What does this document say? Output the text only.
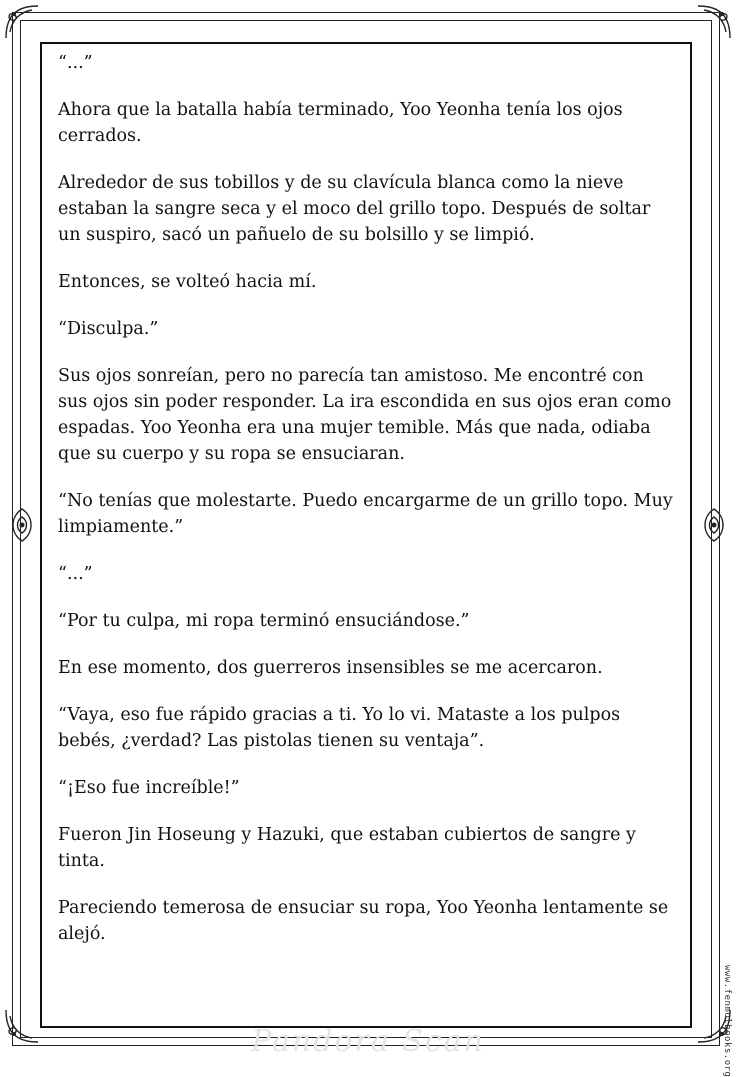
“...”

Ahora que la batalla había terminado, Yoo Yeonha tenía los ojos cerrados.

Alrededor de sus tobillos y de su clavícula blanca como la nieve estaban la sangre seca y el moco del grillo topo. Después de soltar un suspiro, sacó un pañuelo de su bolsillo y se limpió.

Entonces, se volteó hacia mí.

“Disculpa.”

Sus ojos sonreían, pero no parecía tan amistoso. Me encontré con sus ojos sin poder responder. La ira escondida en sus ojos eran como espadas. Yoo Yeonha era una mujer temible. Más que nada, odiaba que su cuerpo y su ropa se ensuciaran.

“No tenías que molestarte. Puedo encargarme de un grillo topo. Muy limpiamente.”

“...”

“Por tu culpa, mi ropa terminó ensuciándose.”

En ese momento, dos guerreros insensibles se me acercaron.

“Vaya, eso fue rápido gracias a ti. Yo lo vi. Mataste a los pulpos bebés, ¿verdad? Las pistolas tienen su ventaja”.

“¡Eso fue increíble!”

Fueron Jin Hoseung y Hazuki, que estaban cubiertos de sangre y tinta.

Pareciendo temerosa de ensuciar su ropa, Yoo Yeonha lentamente se alejó.

www.fenmolbooks.org
Pandora Scan
